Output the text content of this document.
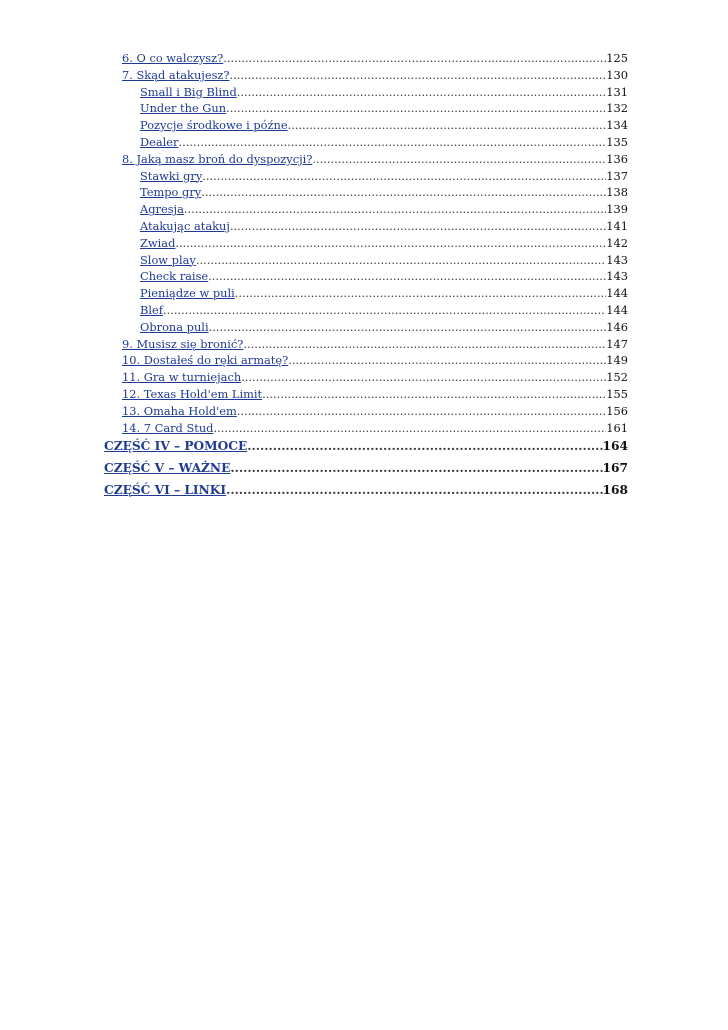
6. O co walczysz? .....	125
7. Skąd atakujesz? .....	130
Small i Big Blind .....	131
Under the Gun .....	132
Pozycje środkowe i późne .....	134
Dealer .....	135
8. Jaką masz broń do dyspozycji? .....	136
Stawki gry .....	137
Tempo gry .....	138
Agresja .....	139
Atakując atakuj .....	141
Zwiad .....	142
Slow play .....	143
Check raise .....	143
Pieniądze w puli .....	144
Blef .....	144
Obrona puli .....	146
9. Musisz się bronić? .....	147
10. Dostałeś do ręki armatę? .....	149
11. Gra w turniejach .....	152
12. Texas Hold'em Limit .....	155
13. Omaha Hold'em .....	156
14. 7 Card Stud .....	161
CZĘŚĆ IV – POMOCE .....	164
CZĘŚĆ V – WAŻNE .....	167
CZĘŚĆ VI – LINKI .....	168
